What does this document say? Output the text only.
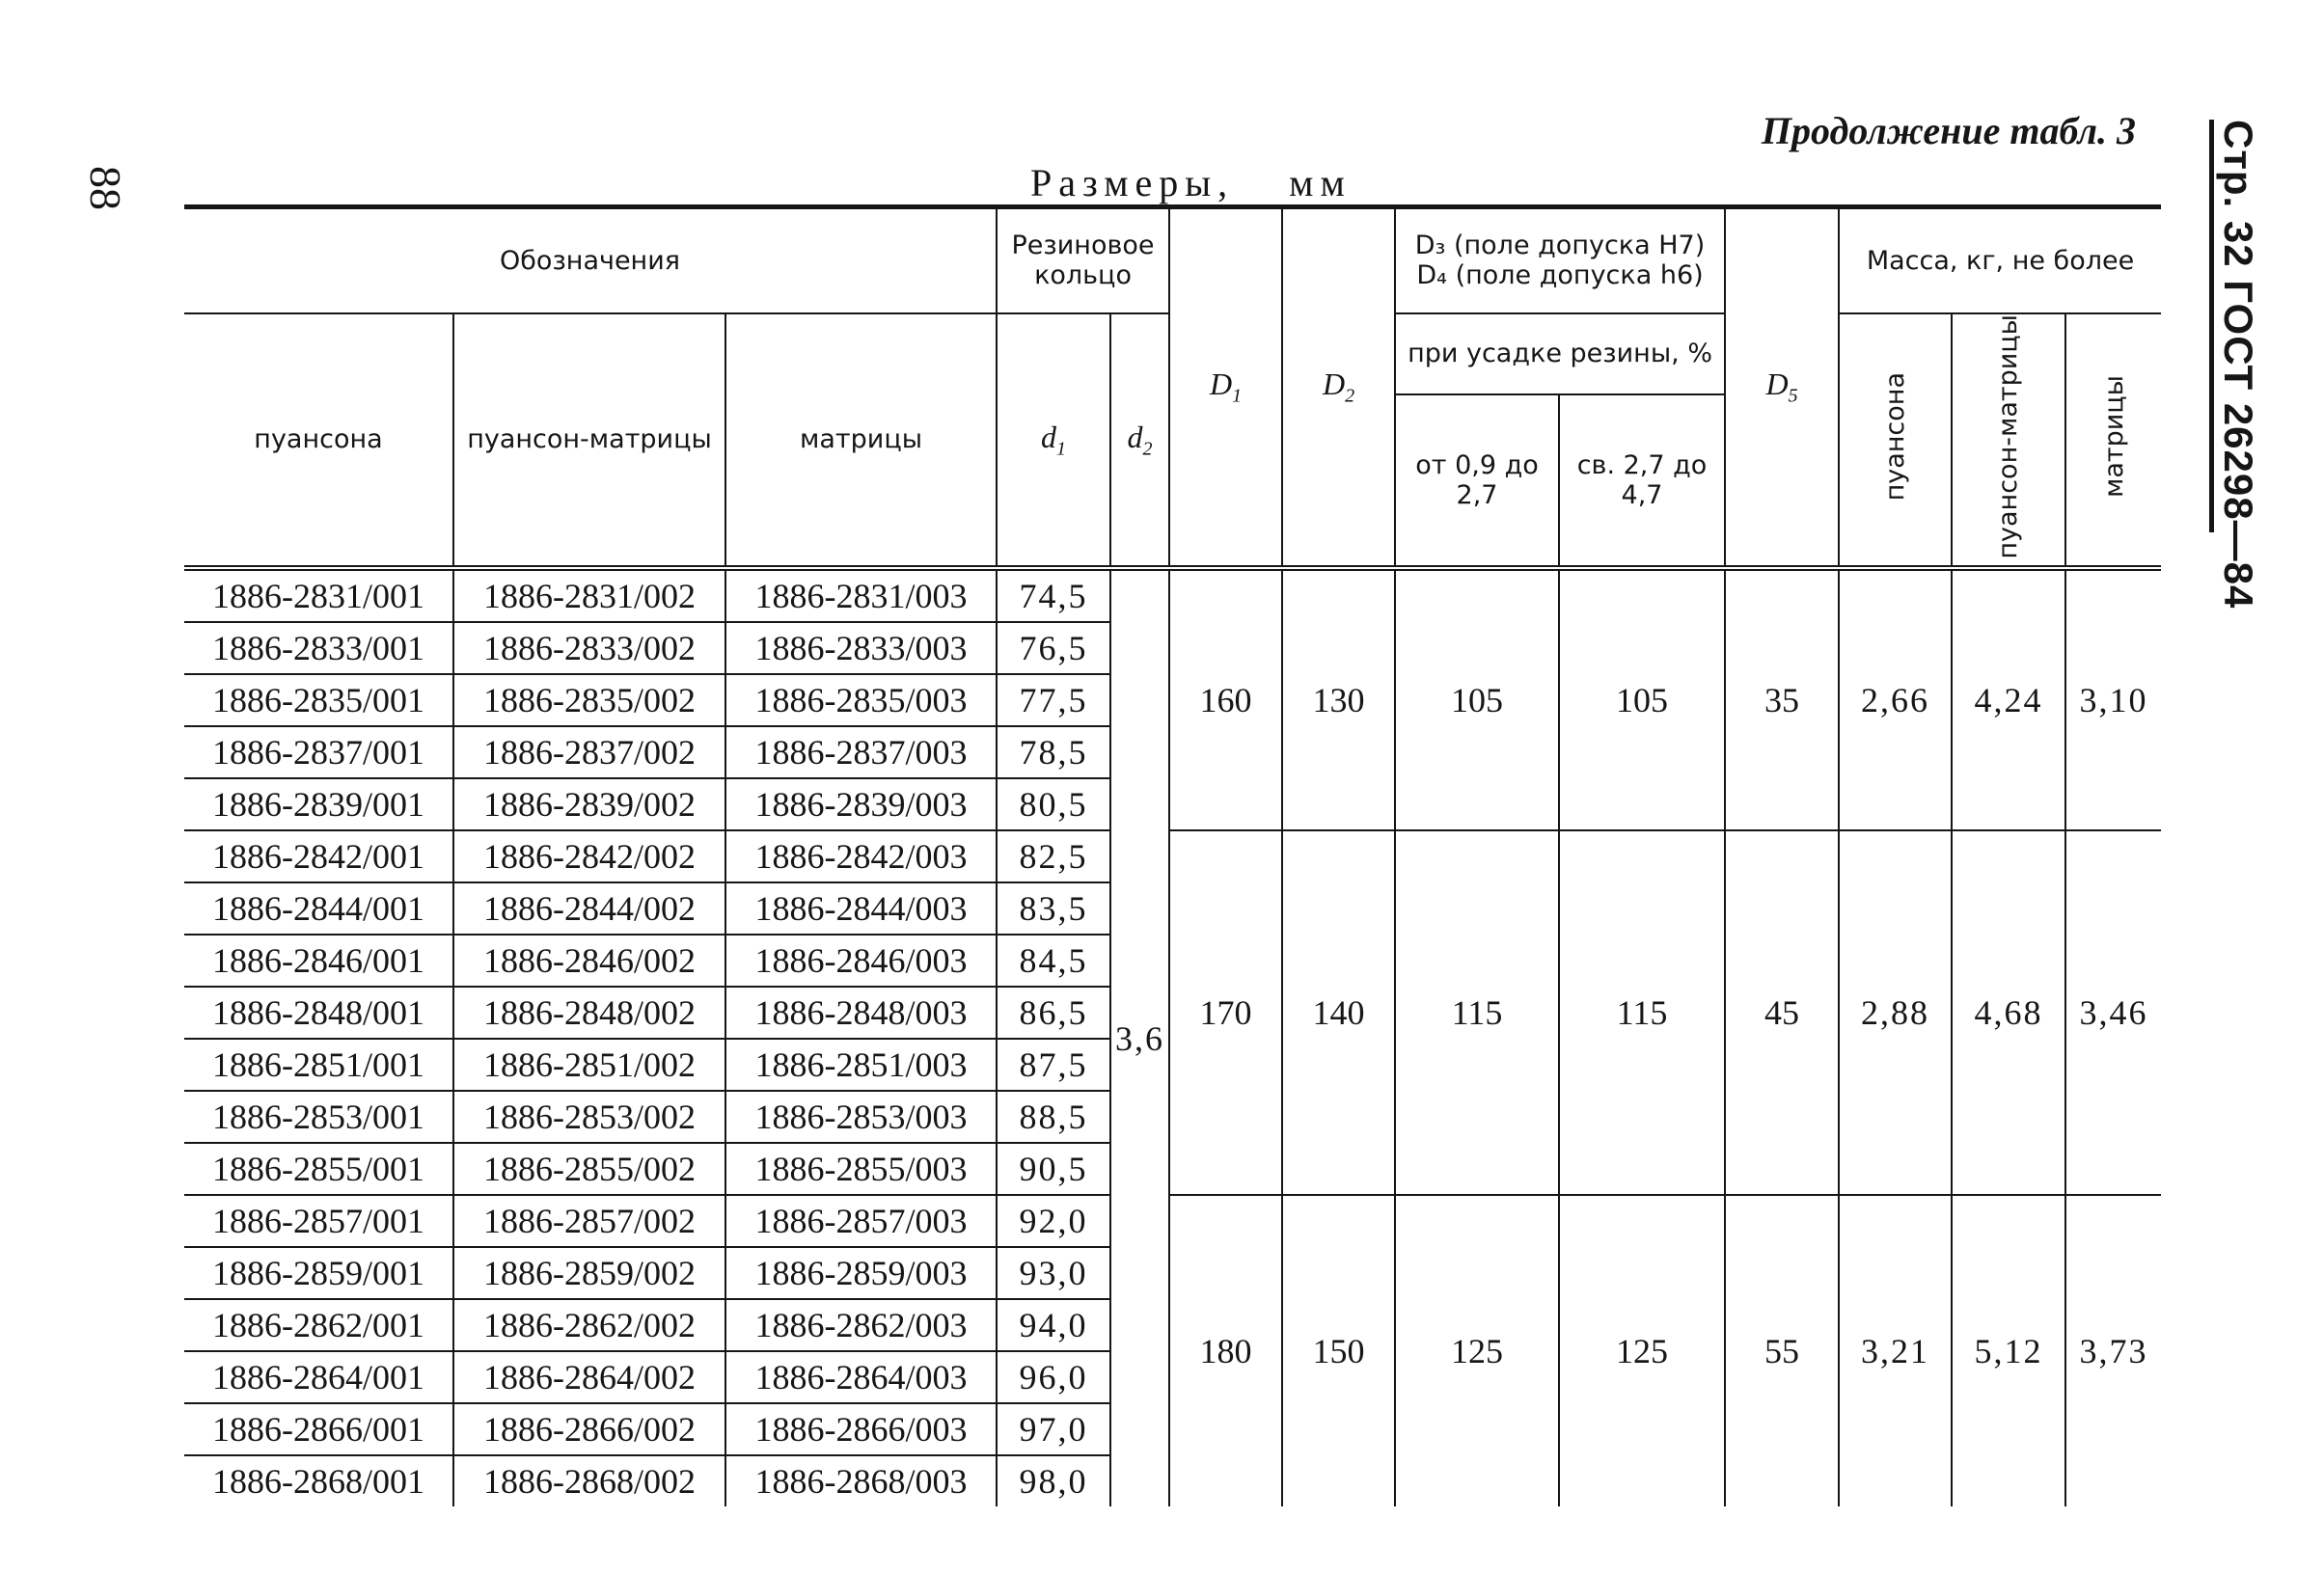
88
Продолжение табл. 3
Размеры, мм	Стр. 32 ГОСТ 26298—84
Обозначения			Резиновое кольцо		$D_1$	$D_2$	D₃ (поле допуска Н7)
D₄ (поле допуска h6)		$D_5$	Масса, кг, не более		
пуансона	пуансон-матрицы	матрицы	$d_1$	$d_2$			при усадке резины, %			пуансона	пуансон-матрицы	матрицы
							от 0,9 до 2,7	св. 2,7 до 4,7				
1886-2831/001	1886-2831/002	1886-2831/003	74,5	3,6	160	130	105	105	35	2,66	4,24	3,10
1886-2833/001	1886-2833/002	1886-2833/003	76,5									
1886-2835/001	1886-2835/002	1886-2835/003	77,5									
1886-2837/001	1886-2837/002	1886-2837/003	78,5									
1886-2839/001	1886-2839/002	1886-2839/003	80,5									
1886-2842/001	1886-2842/002	1886-2842/003	82,5		170	140	115	115	45	2,88	4,68	3,46
1886-2844/001	1886-2844/002	1886-2844/003	83,5									
1886-2846/001	1886-2846/002	1886-2846/003	84,5									
1886-2848/001	1886-2848/002	1886-2848/003	86,5									
1886-2851/001	1886-2851/002	1886-2851/003	87,5									
1886-2853/001	1886-2853/002	1886-2853/003	88,5									
1886-2855/001	1886-2855/002	1886-2855/003	90,5									
1886-2857/001	1886-2857/002	1886-2857/003	92,0		180	150	125	125	55	3,21	5,12	3,73
1886-2859/001	1886-2859/002	1886-2859/003	93,0									
1886-2862/001	1886-2862/002	1886-2862/003	94,0									
1886-2864/001	1886-2864/002	1886-2864/003	96,0									
1886-2866/001	1886-2866/002	1886-2866/003	97,0									
1886-2868/001	1886-2868/002	1886-2868/003	98,0									
